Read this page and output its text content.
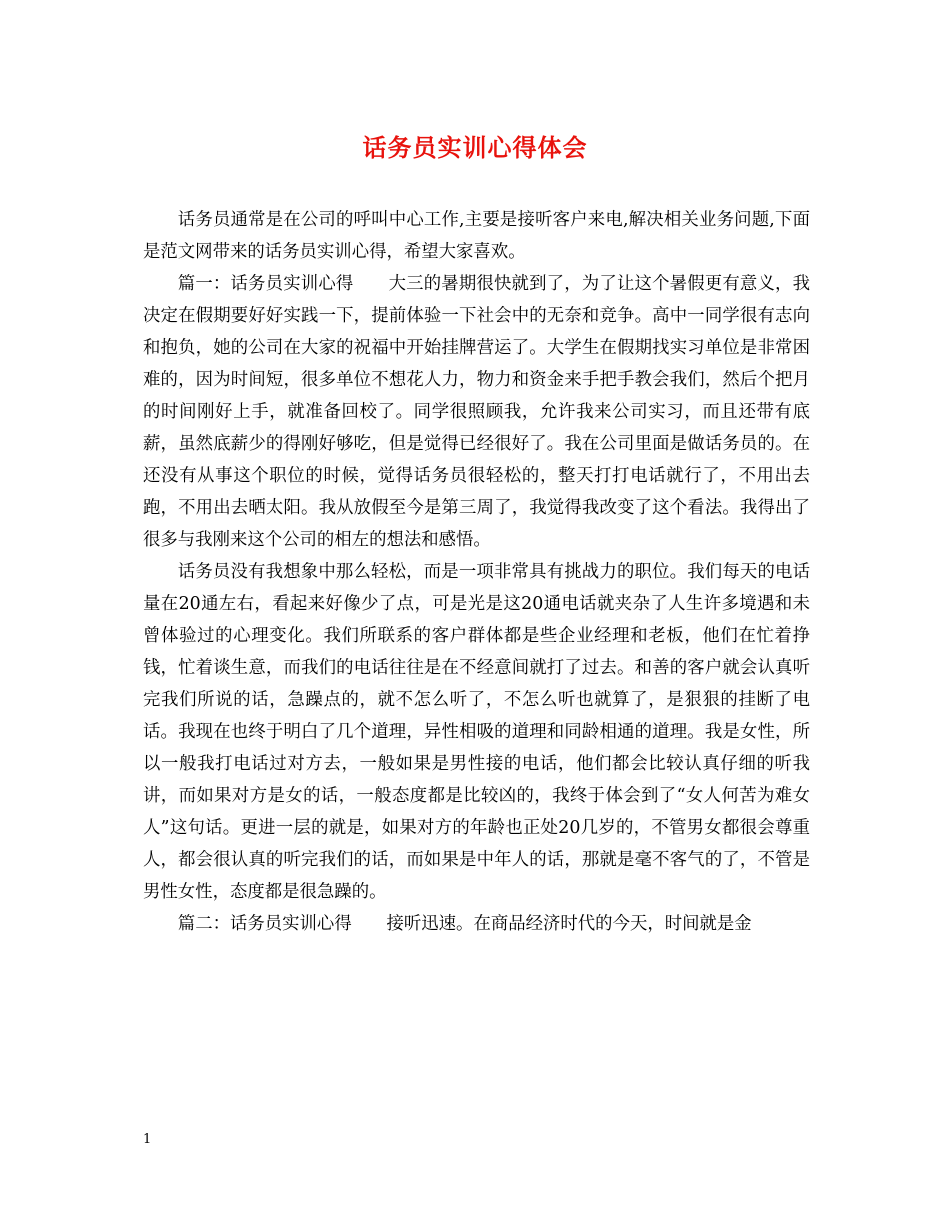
话务员实训心得体会

话务员通常是在公司的呼叫中心工作,主要是接听客户来电,解决相关业务问题,下面是范文网带来的话务员实训心得，希望大家喜欢。

篇一：话务员实训心得　　大三的暑期很快就到了，为了让这个暑假更有意义，我决定在假期要好好实践一下，提前体验一下社会中的无奈和竞争。高中一同学很有志向和抱负，她的公司在大家的祝福中开始挂牌营运了。大学生在假期找实习单位是非常困难的，因为时间短，很多单位不想花人力，物力和资金来手把手教会我们，然后个把月的时间刚好上手，就准备回校了。同学很照顾我，允许我来公司实习，而且还带有底薪，虽然底薪少的得刚好够吃，但是觉得已经很好了。我在公司里面是做话务员的。在还没有从事这个职位的时候，觉得话务员很轻松的，整天打打电话就行了，不用出去跑，不用出去晒太阳。我从放假至今是第三周了，我觉得我改变了这个看法。我得出了很多与我刚来这个公司的相左的想法和感悟。

话务员没有我想象中那么轻松，而是一项非常具有挑战力的职位。我们每天的电话量在20通左右，看起来好像少了点，可是光是这20通电话就夹杂了人生许多境遇和未曾体验过的心理变化。我们所联系的客户群体都是些企业经理和老板，他们在忙着挣钱，忙着谈生意，而我们的电话往往是在不经意间就打了过去。和善的客户就会认真听完我们所说的话，急躁点的，就不怎么听了，不怎么听也就算了，是狠狠的挂断了电话。我现在也终于明白了几个道理，异性相吸的道理和同龄相通的道理。我是女性，所以一般我打电话过对方去，一般如果是男性接的电话，他们都会比较认真仔细的听我讲，而如果对方是女的话，一般态度都是比较凶的，我终于体会到了“女人何苦为难女人”这句话。更进一层的就是，如果对方的年龄也正处20几岁的，不管男女都很会尊重人，都会很认真的听完我们的话，而如果是中年人的话，那就是毫不客气的了，不管是男性女性，态度都是很急躁的。

篇二：话务员实训心得　　接听迅速。在商品经济时代的今天，时间就是金

1
